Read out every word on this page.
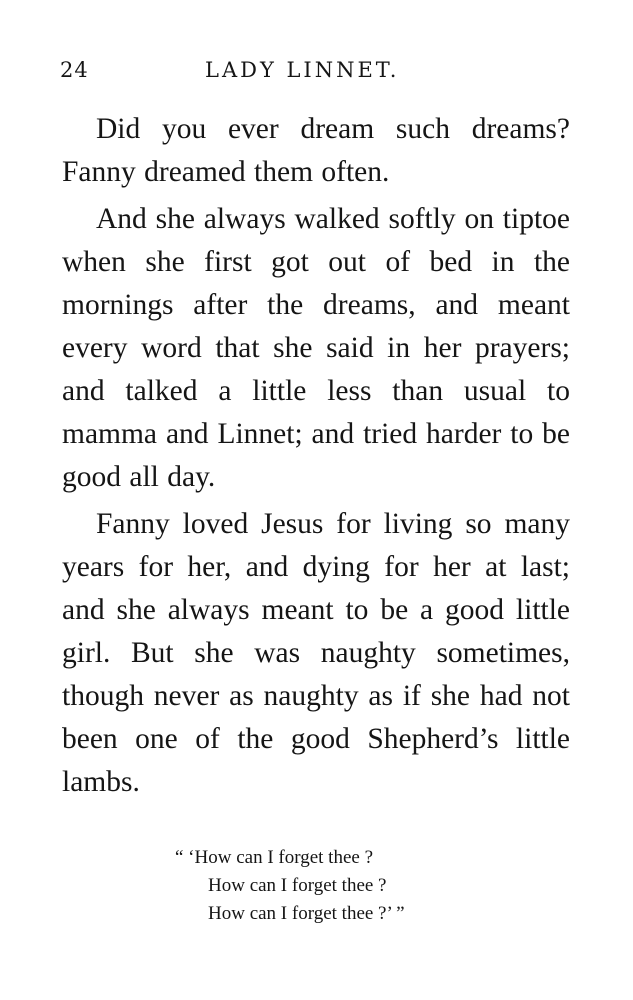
24	LADY LINNET.

Did you ever dream such dreams? Fanny dreamed them often.

And she always walked softly on tiptoe when she first got out of bed in the mornings after the dreams, and meant every word that she said in her prayers; and talked a little less than usual to mamma and Linnet; and tried harder to be good all day.

Fanny loved Jesus for living so many years for her, and dying for her at last; and she always meant to be a good little girl. But she was naughty sometimes, though never as naughty as if she had not been one of the good Shepherd’s little lambs.

“ ‘How can I forget thee ?
How can I forget thee ?
How can I forget thee ?’ ”
